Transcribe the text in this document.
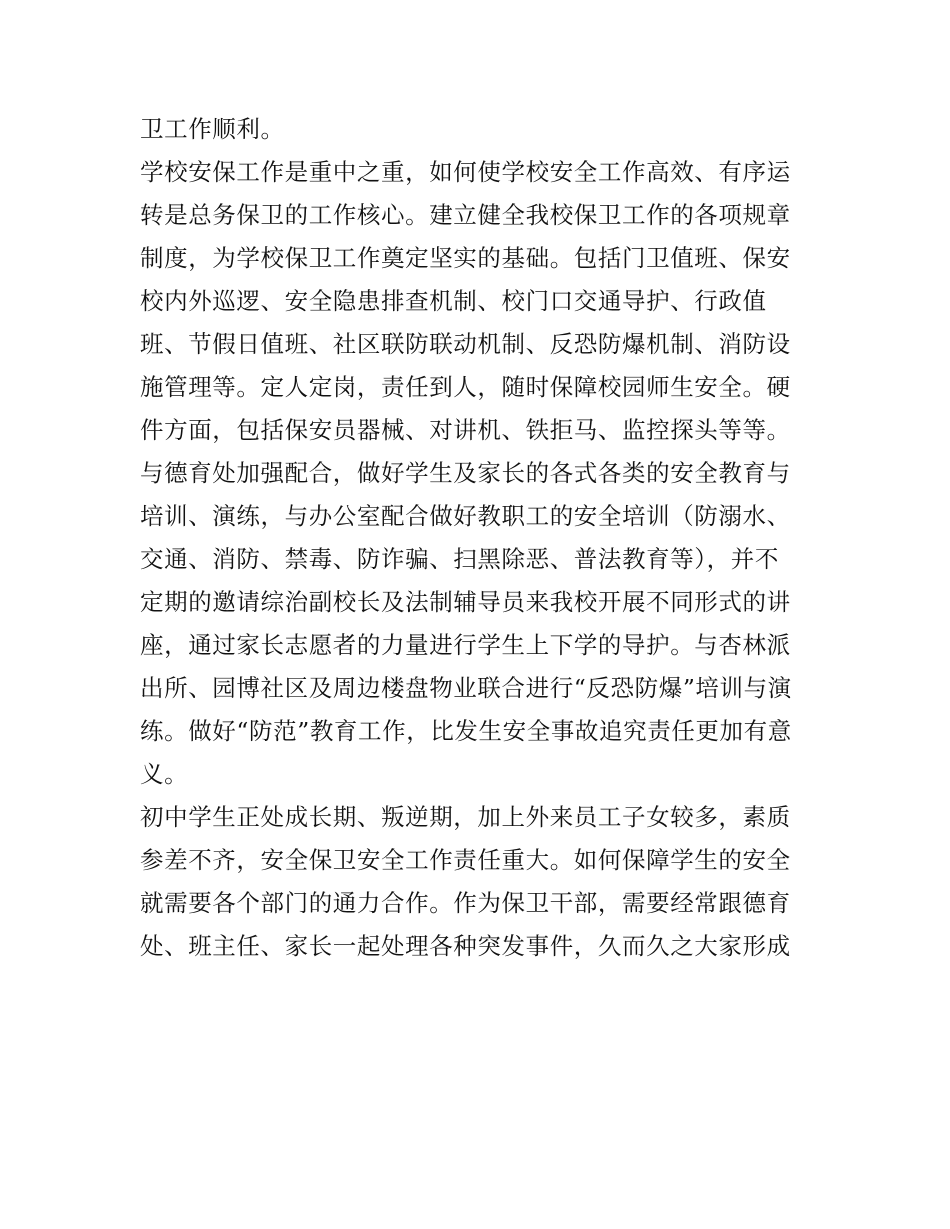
卫工作顺利。
学校安保工作是重中之重，如何使学校安全工作高效、有序运
转是总务保卫的工作核心。建立健全我校保卫工作的各项规章
制度，为学校保卫工作奠定坚实的基础。包括门卫值班、保安
校内外巡逻、安全隐患排查机制、校门口交通导护、行政值
班、节假日值班、社区联防联动机制、反恐防爆机制、消防设
施管理等。定人定岗，责任到人，随时保障校园师生安全。硬
件方面，包括保安员器械、对讲机、铁拒马、监控探头等等。
与德育处加强配合，做好学生及家长的各式各类的安全教育与
培训、演练，与办公室配合做好教职工的安全培训（防溺水、
交通、消防、禁毒、防诈骗、扫黑除恶、普法教育等），并不
定期的邀请综治副校长及法制辅导员来我校开展不同形式的讲
座，通过家长志愿者的力量进行学生上下学的导护。与杏林派
出所、园博社区及周边楼盘物业联合进行“反恐防爆”培训与演
练。做好“防范”教育工作，比发生安全事故追究责任更加有意
义。
初中学生正处成长期、叛逆期，加上外来员工子女较多，素质
参差不齐，安全保卫安全工作责任重大。如何保障学生的安全
就需要各个部门的通力合作。作为保卫干部，需要经常跟德育
处、班主任、家长一起处理各种突发事件，久而久之大家形成
